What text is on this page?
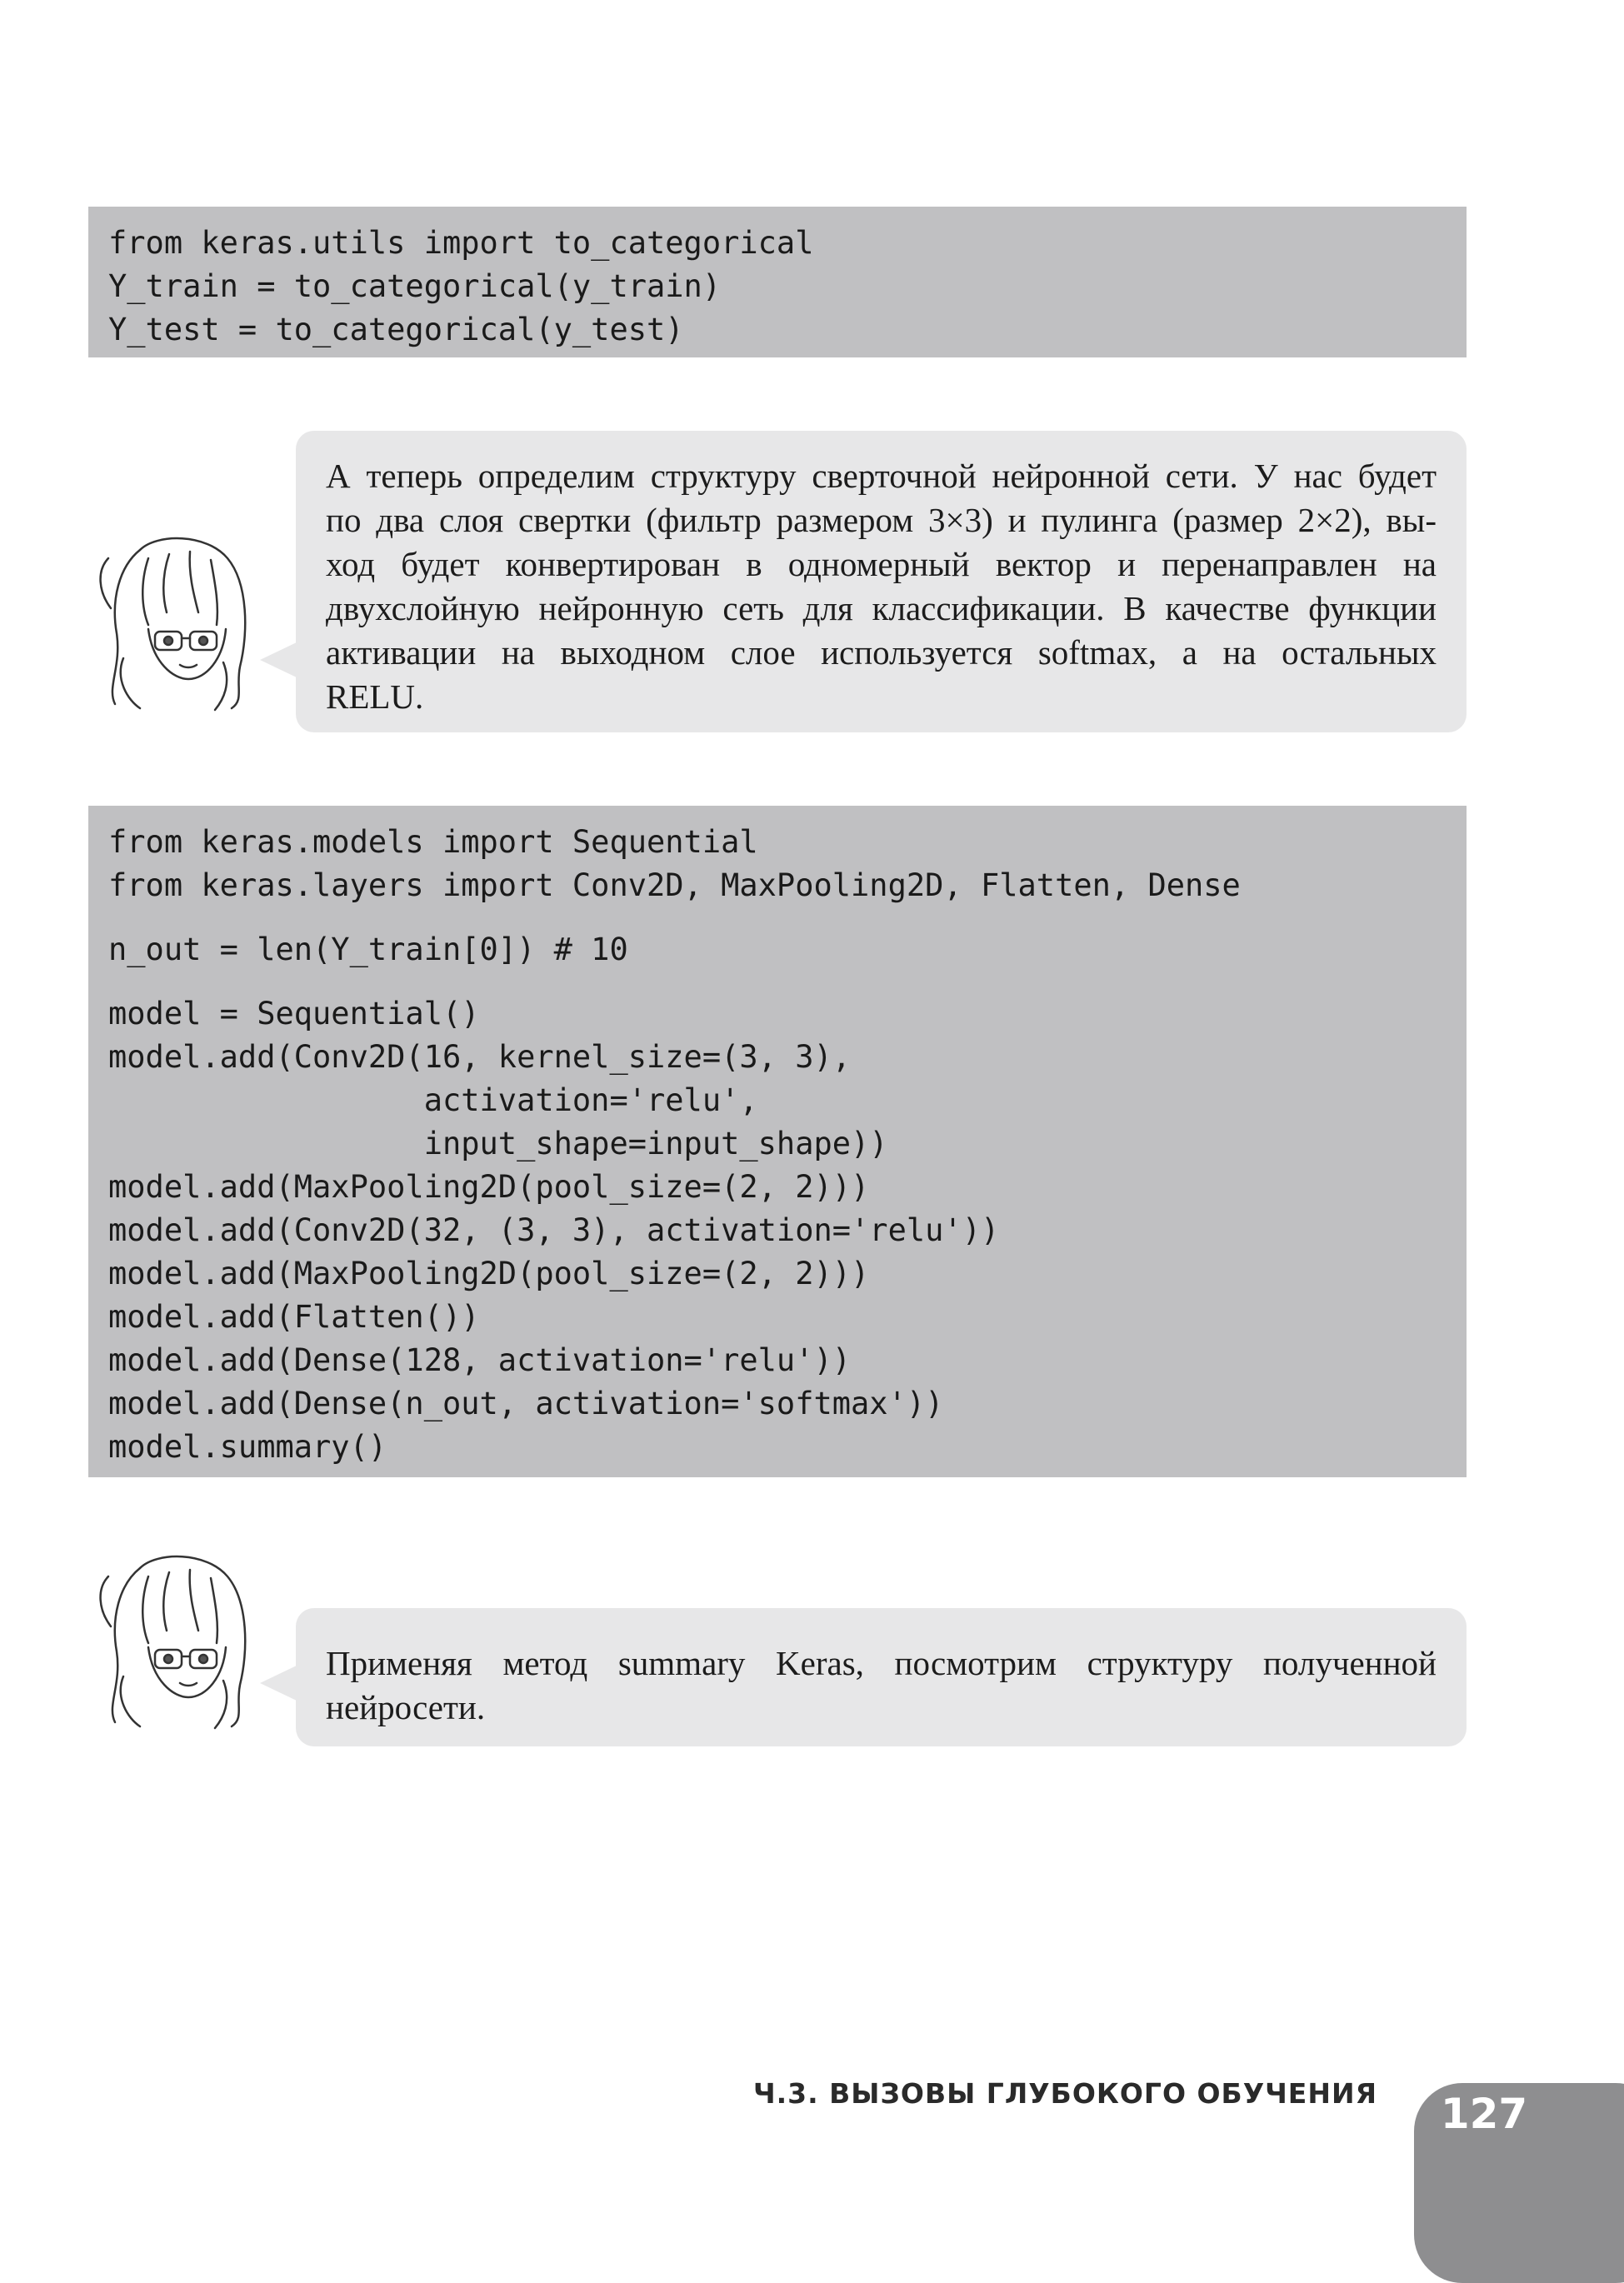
from keras.utils import to_categorical
Y_train = to_categorical(y_train)
Y_test = to_categorical(y_test)
А теперь определим структуру сверточной нейронной сети. У нас будет
по два слоя свертки (фильтр размером 3×3) и пулинга (размер 2×2), вы-
ход будет конвертирован в одномерный вектор и перенаправлен на
двухслойную нейронную сеть для классификации. В качестве функции
активации на выходном слое используется softmax, а на остальных
RELU.
from keras.models import Sequential
from keras.layers import Conv2D, MaxPooling2D, Flatten, Dense
n_out = len(Y_train[0]) # 10
model = Sequential()
model.add(Conv2D(16, kernel_size=(3, 3),
activation='relu',
input_shape=input_shape))
model.add(MaxPooling2D(pool_size=(2, 2)))
model.add(Conv2D(32, (3, 3), activation='relu'))
model.add(MaxPooling2D(pool_size=(2, 2)))
model.add(Flatten())
model.add(Dense(128, activation='relu'))
model.add(Dense(n_out, activation='softmax'))
model.summary()
Применяя метод summary Keras, посмотрим структуру полученной
нейросети.
Ч.3. ВЫЗОВЫ ГЛУБОКОГО ОБУЧЕНИЯ	127
